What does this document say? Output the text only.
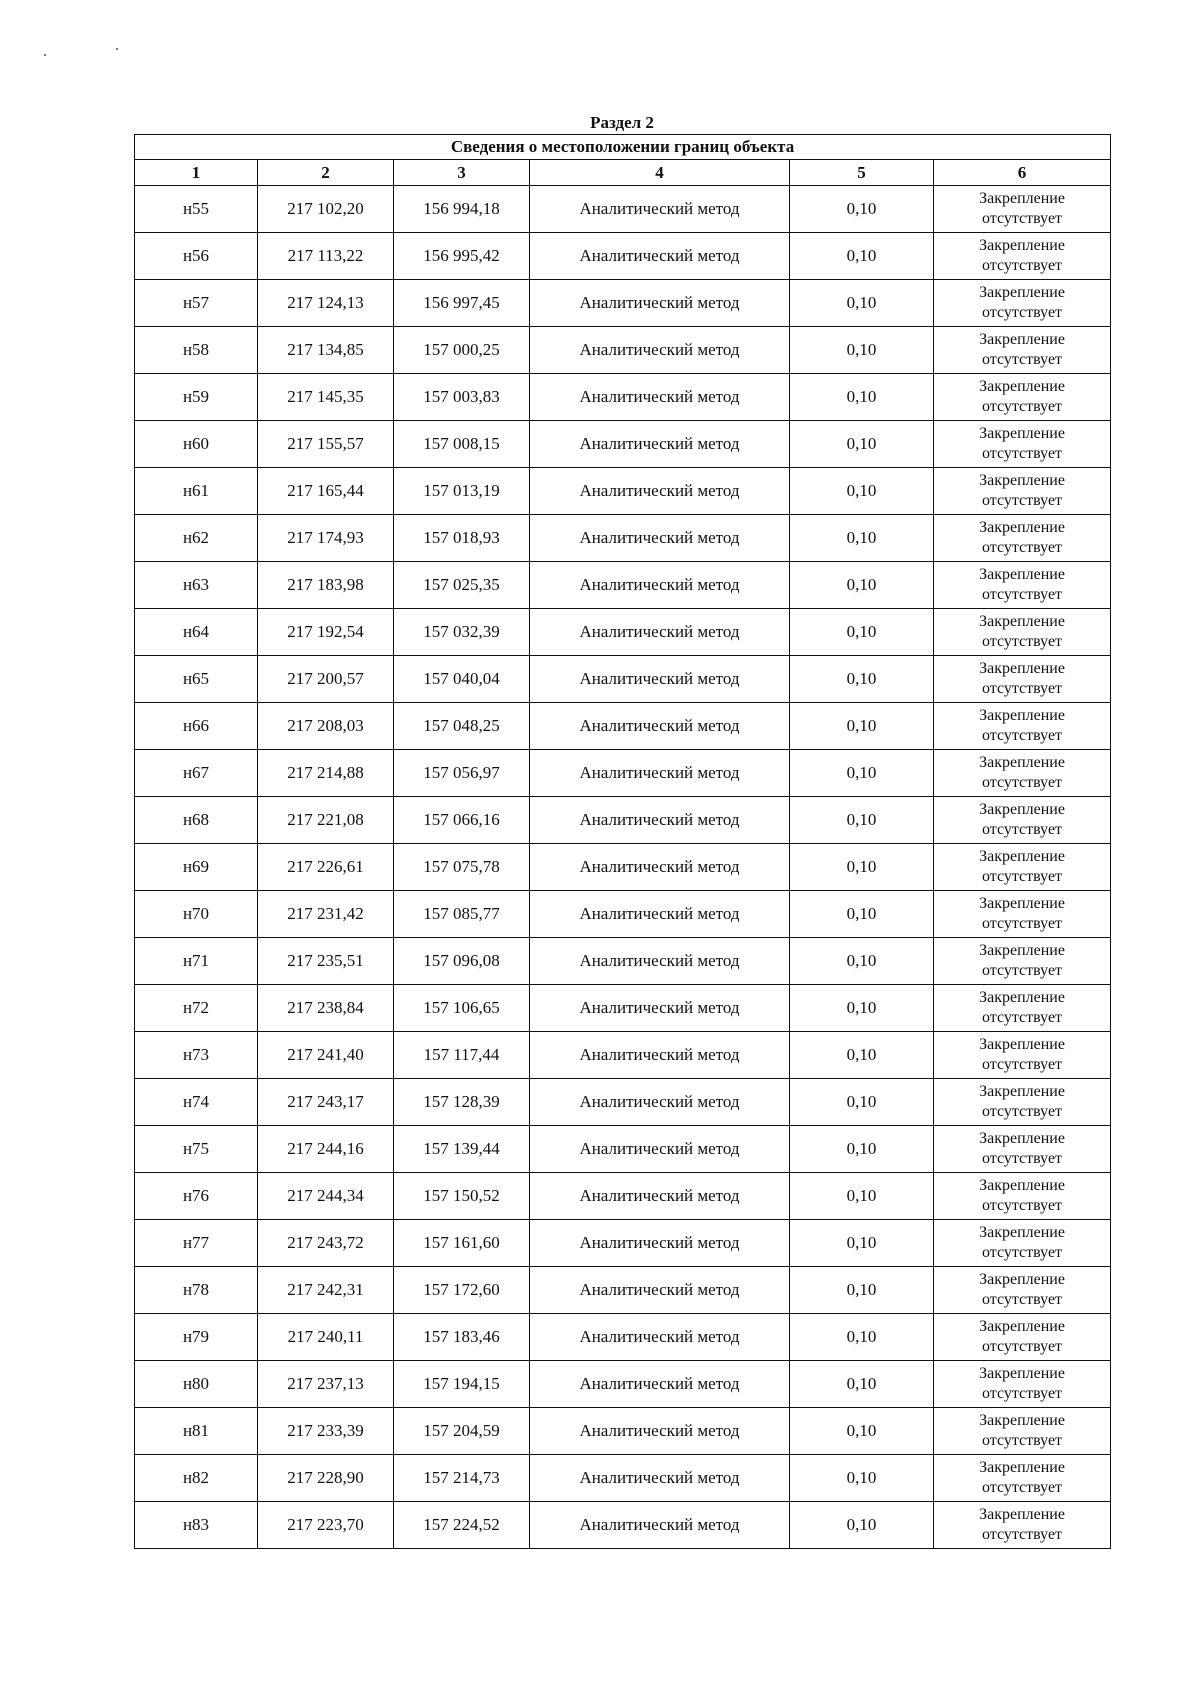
Раздел 2
Сведения о местоположении границ объекта					
1	2	3	4	5	6
н55	217 102,20	156 994,18	Аналитический метод	0,10	Закрепление
отсутствует

н56	217 113,22	156 995,42	Аналитический метод	0,10	Закрепление
отсутствует

н57	217 124,13	156 997,45	Аналитический метод	0,10	Закрепление
отсутствует

н58	217 134,85	157 000,25	Аналитический метод	0,10	Закрепление
отсутствует

н59	217 145,35	157 003,83	Аналитический метод	0,10	Закрепление
отсутствует

н60	217 155,57	157 008,15	Аналитический метод	0,10	Закрепление
отсутствует

н61	217 165,44	157 013,19	Аналитический метод	0,10	Закрепление
отсутствует

н62	217 174,93	157 018,93	Аналитический метод	0,10	Закрепление
отсутствует

н63	217 183,98	157 025,35	Аналитический метод	0,10	Закрепление
отсутствует

н64	217 192,54	157 032,39	Аналитический метод	0,10	Закрепление
отсутствует

н65	217 200,57	157 040,04	Аналитический метод	0,10	Закрепление
отсутствует

н66	217 208,03	157 048,25	Аналитический метод	0,10	Закрепление
отсутствует

н67	217 214,88	157 056,97	Аналитический метод	0,10	Закрепление
отсутствует

н68	217 221,08	157 066,16	Аналитический метод	0,10	Закрепление
отсутствует

н69	217 226,61	157 075,78	Аналитический метод	0,10	Закрепление
отсутствует

н70	217 231,42	157 085,77	Аналитический метод	0,10	Закрепление
отсутствует

н71	217 235,51	157 096,08	Аналитический метод	0,10	Закрепление
отсутствует

н72	217 238,84	157 106,65	Аналитический метод	0,10	Закрепление
отсутствует

н73	217 241,40	157 117,44	Аналитический метод	0,10	Закрепление
отсутствует

н74	217 243,17	157 128,39	Аналитический метод	0,10	Закрепление
отсутствует

н75	217 244,16	157 139,44	Аналитический метод	0,10	Закрепление
отсутствует

н76	217 244,34	157 150,52	Аналитический метод	0,10	Закрепление
отсутствует

н77	217 243,72	157 161,60	Аналитический метод	0,10	Закрепление
отсутствует

н78	217 242,31	157 172,60	Аналитический метод	0,10	Закрепление
отсутствует

н79	217 240,11	157 183,46	Аналитический метод	0,10	Закрепление
отсутствует

н80	217 237,13	157 194,15	Аналитический метод	0,10	Закрепление
отсутствует

н81	217 233,39	157 204,59	Аналитический метод	0,10	Закрепление
отсутствует

н82	217 228,90	157 214,73	Аналитический метод	0,10	Закрепление
отсутствует

н83	217 223,70	157 224,52	Аналитический метод	0,10	Закрепление
отсутствует
